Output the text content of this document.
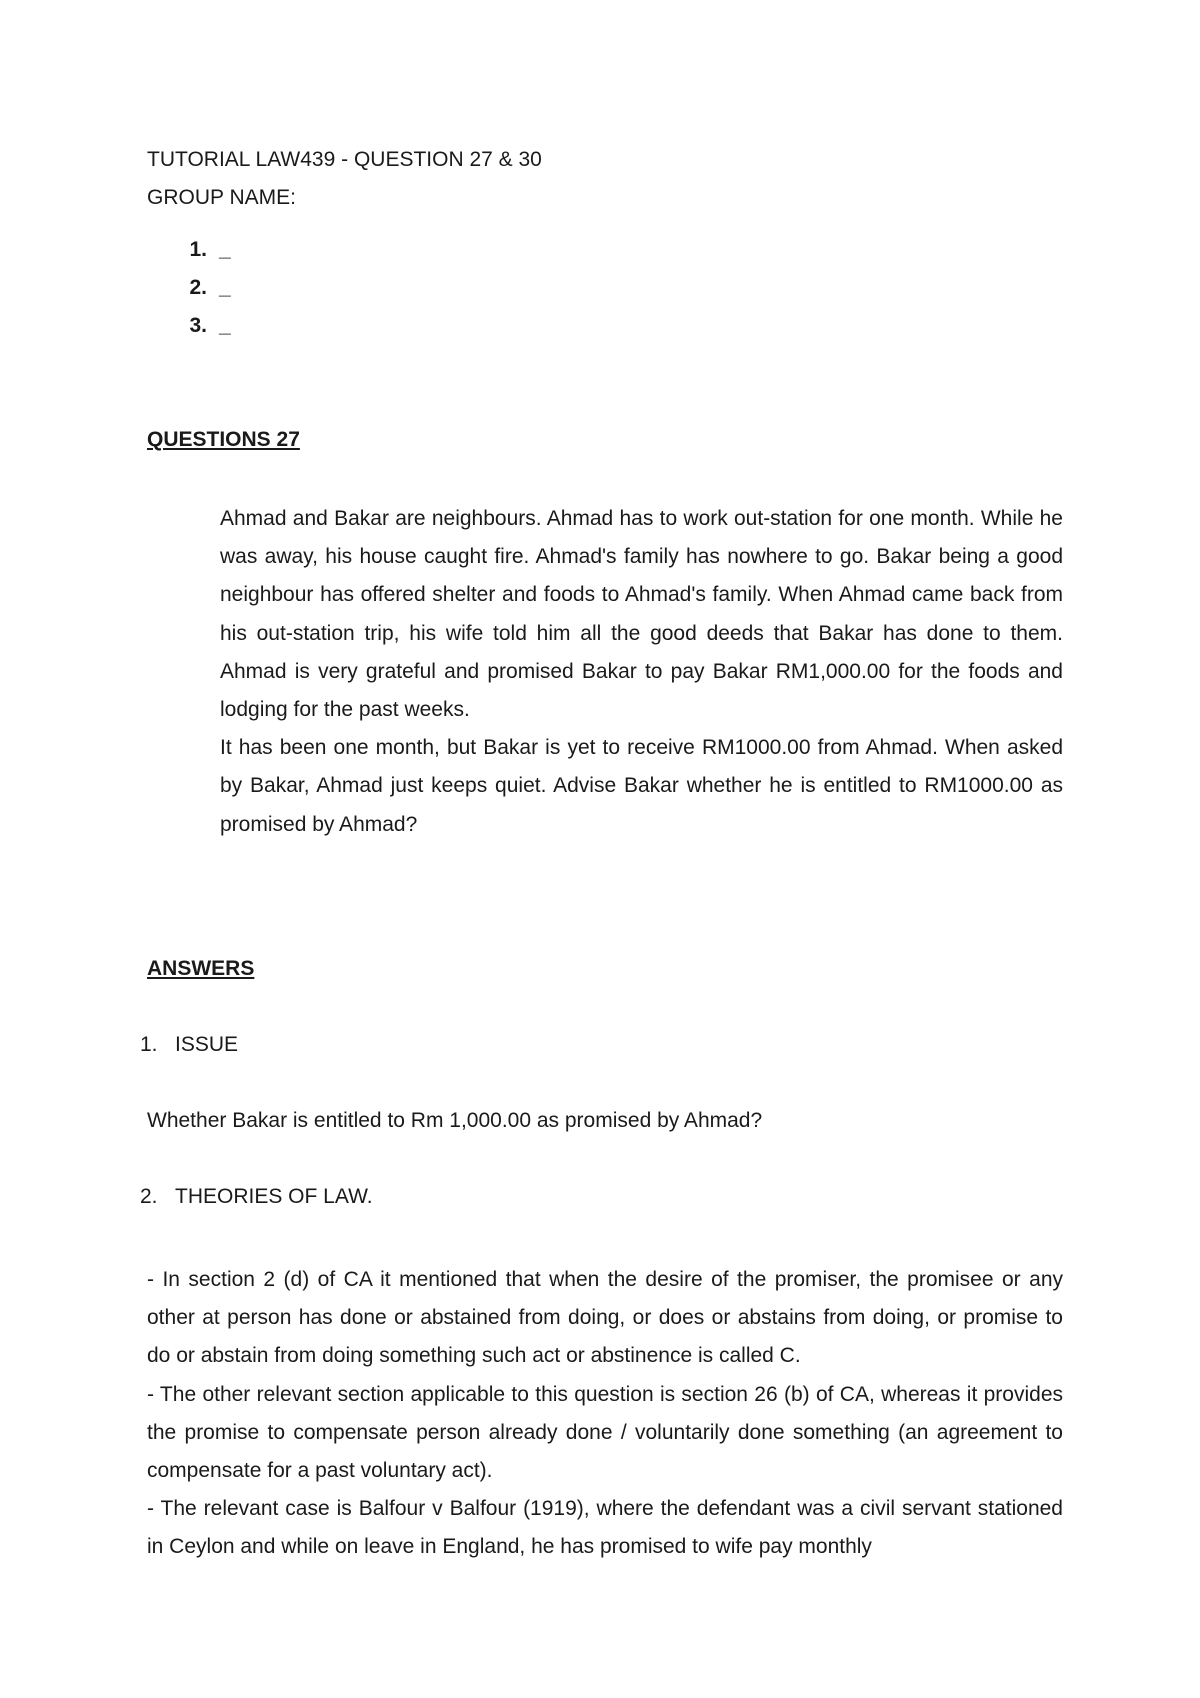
TUTORIAL LAW439 - QUESTION 27 & 30
GROUP NAME:
1. _
2. _
3. _
QUESTIONS 27
Ahmad and Bakar are neighbours. Ahmad has to work out-station for one month. While he was away, his house caught fire. Ahmad's family has nowhere to go. Bakar being a good neighbour has offered shelter and foods to Ahmad's family. When Ahmad came back from his out-station trip, his wife told him all the good deeds that Bakar has done to them. Ahmad is very grateful and promised Bakar to pay Bakar RM1,000.00 for the foods and lodging for the past weeks.
It has been one month, but Bakar is yet to receive RM1000.00 from Ahmad. When asked by Bakar, Ahmad just keeps quiet. Advise Bakar whether he is entitled to RM1000.00 as promised by Ahmad?
ANSWERS
1. ISSUE
Whether Bakar is entitled to Rm 1,000.00 as promised by Ahmad?
2. THEORIES OF LAW.
- In section 2 (d) of CA it mentioned that when the desire of the promiser, the promisee or any other at person has done or abstained from doing, or does or abstains from doing, or promise to do or abstain from doing something such act or abstinence is called C.
- The other relevant section applicable to this question is section 26 (b) of CA, whereas it provides the promise to compensate person already done / voluntarily done something (an agreement to compensate for a past voluntary act).
- The relevant case is Balfour v Balfour (1919), where the defendant was a civil servant stationed in Ceylon and while on leave in England, he has promised to wife pay monthly
